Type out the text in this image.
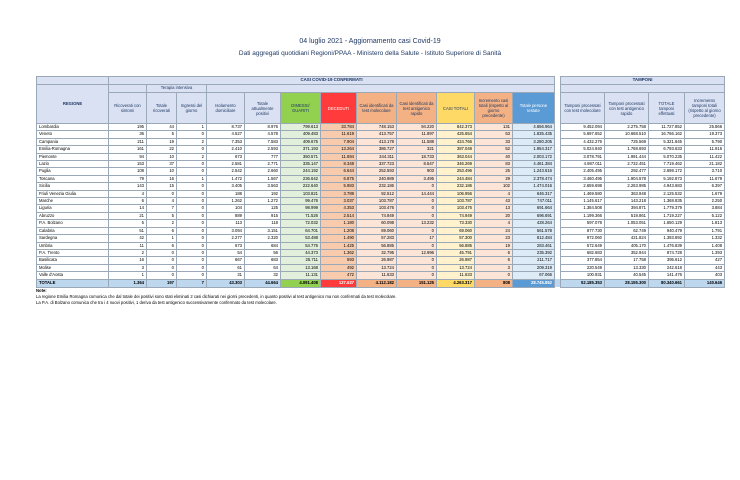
04 luglio 2021 - Aggiornamento casi Covid-19
Dati aggregati quotidiani Regioni/PPAA - Ministero della Salute - Istituto Superiore di Sanità
	CASI COVID-19 CONFERMATI													TAMPONI			
REGIONE		Terapia intensiva															
	Ricoverati con sintomi	Totale ricoverati	Ingressi del giorno	Isolamento domiciliare	Totale attualmente positivi	DIMESSI/ GUARITI	DECEDUTI	Casi identificati da test molecolare	Casi identificati da test antigenico rapido	CASI TOTALI	Incremento casi totali (rispetto al giorno precedente)	Totale persone testate		Tamponi processati con test molecolare	Tamponi processati con test antigenico rapido	TOTALE tamponi effettuati	Incremento tamponi totali (rispetto al giorno precedente)
Lombardia	195	44	1	8.737	8.976	799.613	33.784	748.153	94.220	842.373	131	4.656.964		9.452.094	2.275.758	11.727.852	25.866
Veneto	36	5	0	4.527	4.578	409.483	11.619	413.757	11.897	425.654	53	1.835.435		5.697.652	10.668.510	16.766.162	19.373
Campania	211	19	2	7.353	7.583	409.675	7.904	413.178	11.588	424.766	33	3.280.205		4.432.276	725.569	5.321.845	5.790
Emilia-Romagna	161	22	0	2.410	2.593	371.193	13.264	386.727	321	387.048	52	1.954.317		5.024.940	1.768.693	6.793.633	11.916
Piemonte	94	10	2	673	777	350.571	11.694	344.311	18.733	363.044	40	2.003.172		3.078.791	1.991.444	5.070.235	11.422
Lazio	153	37	0	2.581	2.771	335.147	8.348	337.723	8.547	346.269	83	4.461.384		4.987.011	2.732.451	7.719.462	21.182
Puglia	108	10	0	2.542	2.660	244.192	6.644	252.593	903	253.496	25	1.243.616		2.405.495	292.477	2.698.172	3.710
Toscana	79	16	1	1.472	1.567	236.642	6.875	240.989	3.495	244.484	29	2.378.474		3.460.495	1.904.578	5.192.873	11.679
Sicilia	143	15	0	3.405	3.563	222.640	5.983	232.186	0	232.186	102	1.474.016		2.659.698	2.263.985	4.943.683	6.397
Friuli Venezia Giulia	4	0	0	188	192	103.821	3.789	92.512	14.444	106.956	4	646.317		1.469.580	363.948	2.125.532	1.679
Marche	6	4	0	1.262	1.272	99.476	3.037	103.787	0	103.787	43	747.011		1.145.617	143.218	1.368.835	2.250
Liguria	14	7	0	104	125	98.999	4.353	103.476	0	103.476	13	691.664		1.384.508	394.871	1.779.379	3.884
Abruzzo	21	5	0	889	915	71.526	2.514	74.949	0	74.949	20	696.691		1.199.366	519.861	1.719.227	5.122
P.A. Bolzano	5	2	0	113	118	72.032	1.180	60.098	13.232	73.330	4	428.264		597.078	1.053.051	1.650.129	1.813
Calabria	51	6	0	3.094	3.151	64.701	1.208	69.060	0	69.060	24	561.578		877.730	62.749	940.479	1.791
Sardegna	42	1	0	2.277	2.320	53.488	1.490	57.283	17	57.300	23	812.484		972.060	421.824	1.393.892	1.332
Umbria	11	6	0	673	684	54.776	1.425	56.885	0	56.885	19	283.461		572.649	405.170	1.476.839	1.408
P.A. Trento	2	0	0	54	56	44.373	1.362	32.795	12.996	45.791	6	235.392		682.683	352.944	874.728	1.393
Basilicata	16	0	0	667	683	25.711	593	26.987	0	26.987	6	211.717		377.854	17.758	395.612	427
Molise	3	0	0	61	64	13.168	492	13.724	0	13.724	3	209.319		220.549	13.330	242.618	443
Valle d'Aosta	1	0	0	31	32	11.131	472	11.633	0	11.633	0	67.066		100.931	40.545	141.476	403
TOTALE	1.364	197	7	43.303	44.664	4.091.408	127.637	4.112.182	151.125	4.263.317	808	28.745.862		52.185.353	28.155.300	80.340.661	140.646
Note:
La regione Emilia Romagna comunica che dal totale dei positivi sono stati eliminati 2 casi dichiarati nei giorni precedenti, in quanto positivi al test antigenico ma non confermati da test molecolare.
La P.A. di Bolzano comunica che tra i 4 nuovi positivi, 1 deriva da test antigenico successivamente confermato da test molecolare.
